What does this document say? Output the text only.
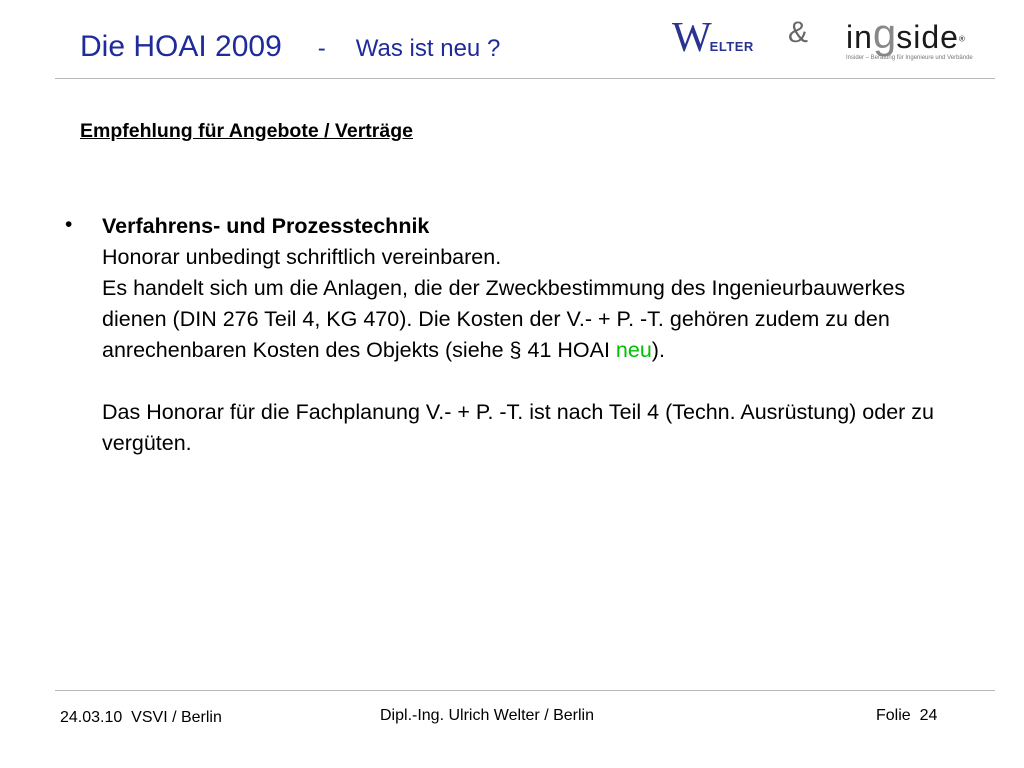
Die HOAI 2009 - Was ist neu ?	WELTER & ingside®
Insider – Beratung für Ingenieure und Verbände
Empfehlung für Angebote / Verträge
• Verfahrens- und Prozesstechnik

Honorar unbedingt schriftlich vereinbaren.

Es handelt sich um die Anlagen, die der Zweckbestimmung des Ingenieurbauwerkes dienen (DIN 276 Teil 4, KG 470). Die Kosten der V.- + P. -T. gehören zudem zu den anrechenbaren Kosten des Objekts (siehe § 41 HOAI neu).

Das Honorar für die Fachplanung V.- + P. -T. ist nach Teil 4 (Techn. Ausrüstung) oder zu vergüten.

24.03.10  VSVI / Berlin	Dipl.-Ing. Ulrich Welter / Berlin	Folie  24
